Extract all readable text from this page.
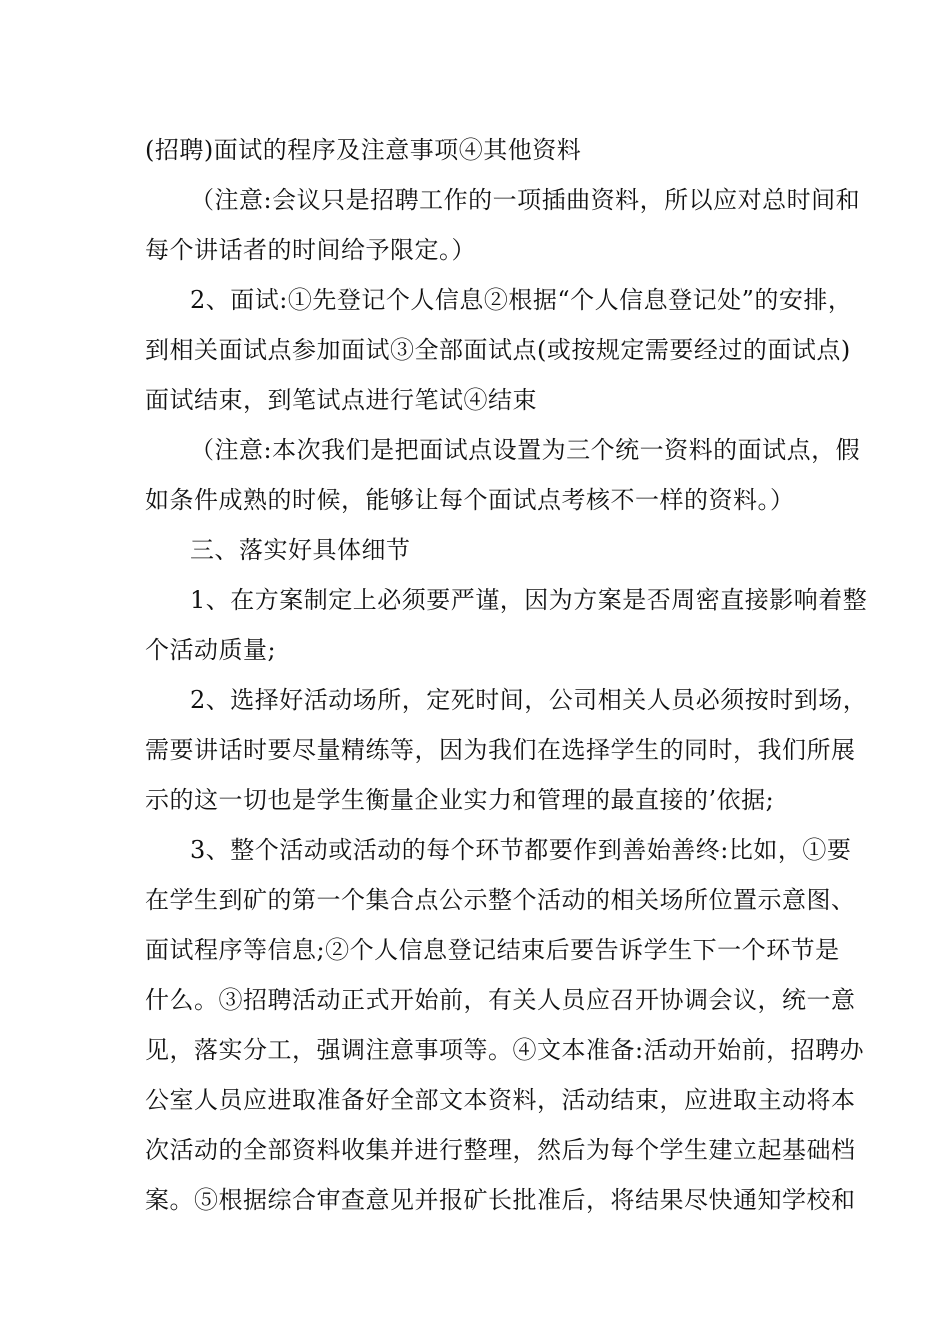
(招聘)面试的程序及注意事项④其他资料
（注意:会议只是招聘工作的一项插曲资料，所以应对总时间和
每个讲话者的时间给予限定。）
2、面试:①先登记个人信息②根据“个人信息登记处”的安排，
到相关面试点参加面试③全部面试点(或按规定需要经过的面试点)
面试结束，到笔试点进行笔试④结束
（注意:本次我们是把面试点设置为三个统一资料的面试点，假
如条件成熟的时候，能够让每个面试点考核不一样的资料。）
三、落实好具体细节
1、在方案制定上必须要严谨，因为方案是否周密直接影响着整
个活动质量;
2、选择好活动场所，定死时间，公司相关人员必须按时到场，
需要讲话时要尽量精练等，因为我们在选择学生的同时，我们所展
示的这一切也是学生衡量企业实力和管理的最直接的’依据;
3、整个活动或活动的每个环节都要作到善始善终:比如，①要
在学生到矿的第一个集合点公示整个活动的相关场所位置示意图、
面试程序等信息;②个人信息登记结束后要告诉学生下一个环节是
什么。③招聘活动正式开始前，有关人员应召开协调会议，统一意
见，落实分工，强调注意事项等。④文本准备:活动开始前，招聘办
公室人员应进取准备好全部文本资料，活动结束，应进取主动将本
次活动的全部资料收集并进行整理，然后为每个学生建立起基础档
案。⑤根据综合审查意见并报矿长批准后，将结果尽快通知学校和
